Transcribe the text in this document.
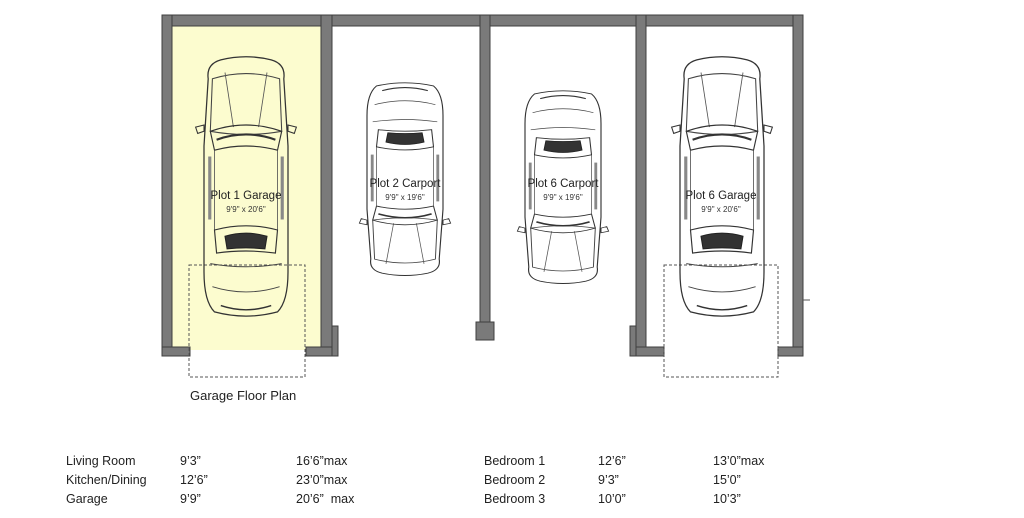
Plot 1 Garage
9'9" x 20'6"
Plot 2 Carport
9'9" x 19'6"
Plot 6 Carport
9'9" x 19'6"	Plot 6 Garage
9'9" x 20'6"
Garage Floor Plan
Living Room	9’3”	16’6”max
Kitchen/Dining	12’6”	23’0”max
Garage	9’9”	20’6”  max
Bedroom 1	12’6”	13’0”max
Bedroom 2	9’3”	15’0”
Bedroom 3	10’0”	10’3”
